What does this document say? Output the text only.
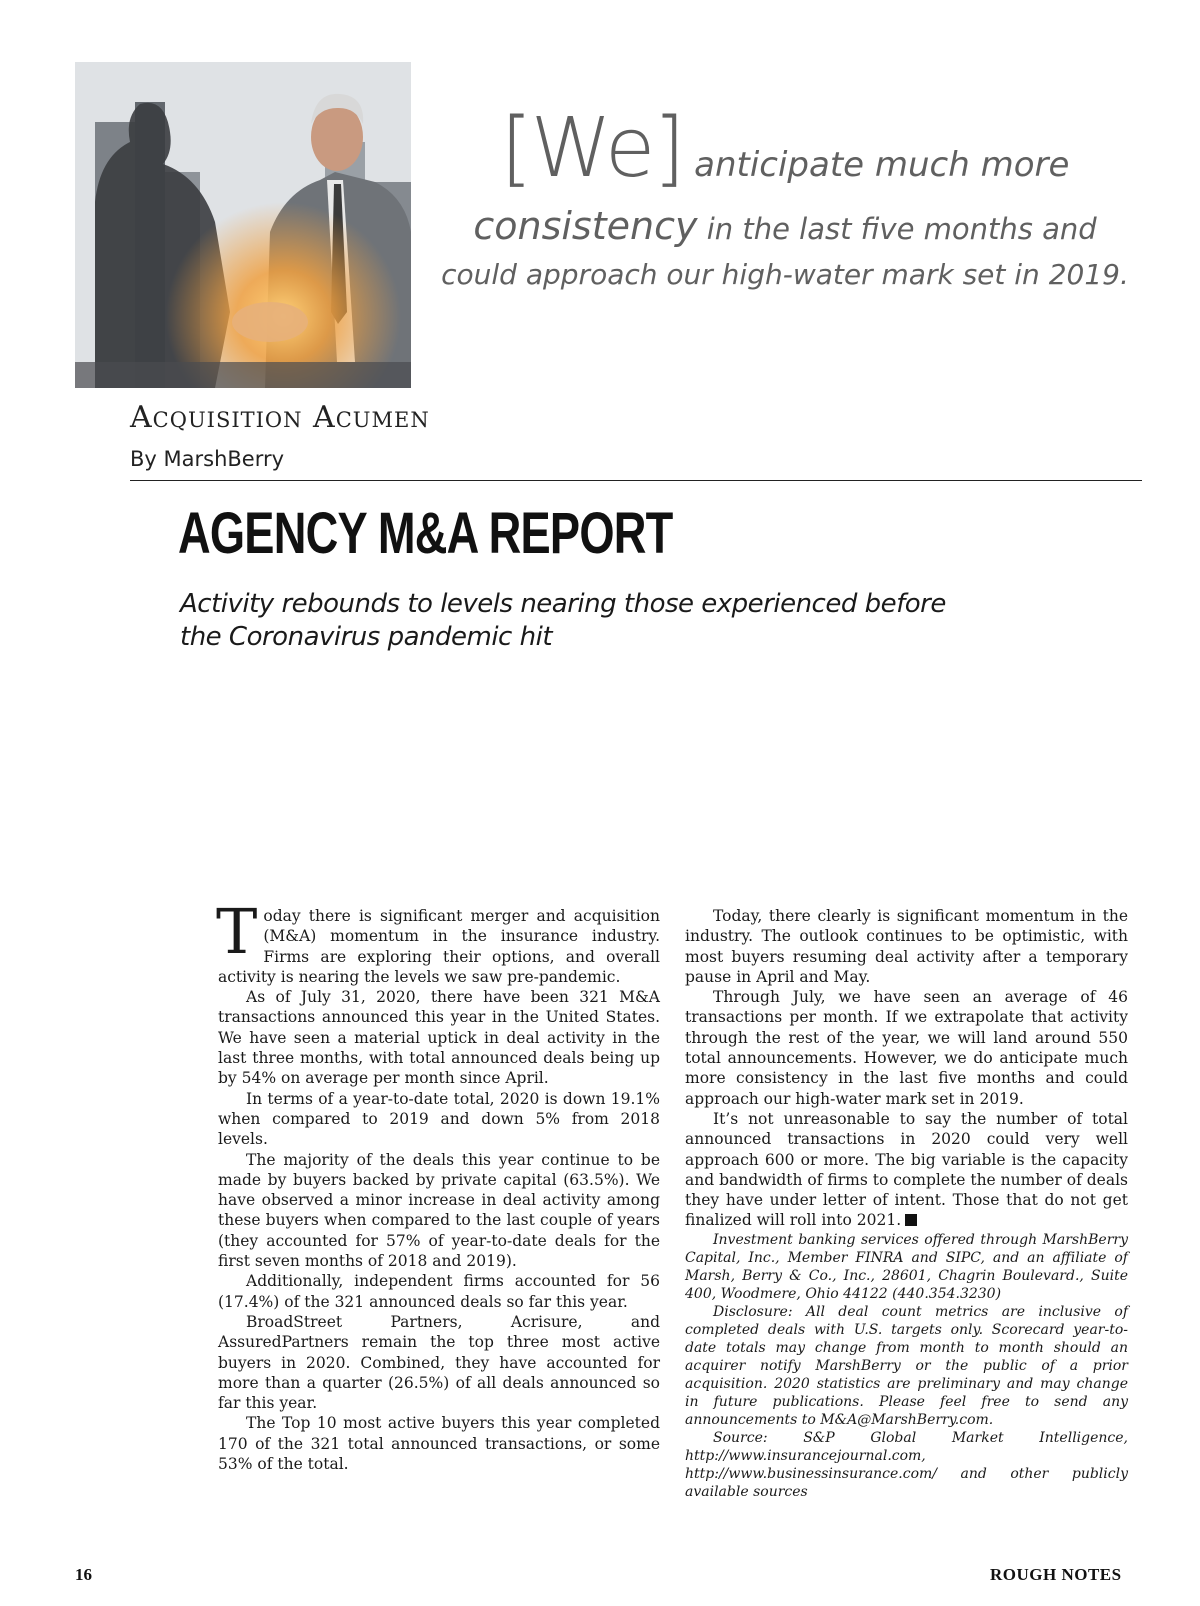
[We] anticipate much more
consistency in the last five months and
could approach our high-water mark set in 2019.
Acquisition Acumen
By MarshBerry
AGENCY M&A REPORT
Activity rebounds to levels nearing those experienced before the Coronavirus pandemic hit

Today there is significant merger and acquisition (M&A) momentum in the insurance industry. Firms are exploring their options, and overall activity is nearing the levels we saw pre-pandemic.

As of July 31, 2020, there have been 321 M&A transactions announced this year in the United States. We have seen a material uptick in deal activity in the last three months, with total announced deals being up by 54% on average per month since April.

In terms of a year-to-date total, 2020 is down 19.1% when compared to 2019 and down 5% from 2018 levels.

The majority of the deals this year continue to be made by buyers backed by private capital (63.5%). We have observed a minor increase in deal activity among these buyers when compared to the last couple of years (they accounted for 57% of year-to-date deals for the first seven months of 2018 and 2019).

Additionally, independent firms accounted for 56 (17.4%) of the 321 announced deals so far this year.

BroadStreet Partners, Acrisure, and AssuredPartners remain the top three most active buyers in 2020. Combined, they have accounted for more than a quarter (26.5%) of all deals announced so far this year.

The Top 10 most active buyers this year completed 170 of the 321 total announced transactions, or some 53% of the total.

Today, there clearly is significant momentum in the industry. The outlook continues to be optimistic, with most buyers resuming deal activity after a temporary pause in April and May.

Through July, we have seen an average of 46 transactions per month. If we extrapolate that activity through the rest of the year, we will land around 550 total announcements. However, we do anticipate much more consistency in the last five months and could approach our high-water mark set in 2019.

It’s not unreasonable to say the number of total announced transactions in 2020 could very well approach 600 or more. The big variable is the capacity and bandwidth of firms to complete the number of deals they have under letter of intent. Those that do not get finalized will roll into 2021.

Investment banking services offered through MarshBerry Capital, Inc., Member FINRA and SIPC, and an affiliate of Marsh, Berry & Co., Inc., 28601, Chagrin Boulevard., Suite 400, Woodmere, Ohio 44122 (440.354.3230)

Disclosure: All deal count metrics are inclusive of completed deals with U.S. targets only. Scorecard year-to-date totals may change from month to month should an acquirer notify MarshBerry or the public of a prior acquisition. 2020 statistics are preliminary and may change in future publications. Please feel free to send any announcements to M&A@MarshBerry.com.

Source: S&P Global Market Intelligence, http://www.insurancejournal.com, http://www.businessinsurance.com/ and other publicly available sources

16	ROUGH NOTES
